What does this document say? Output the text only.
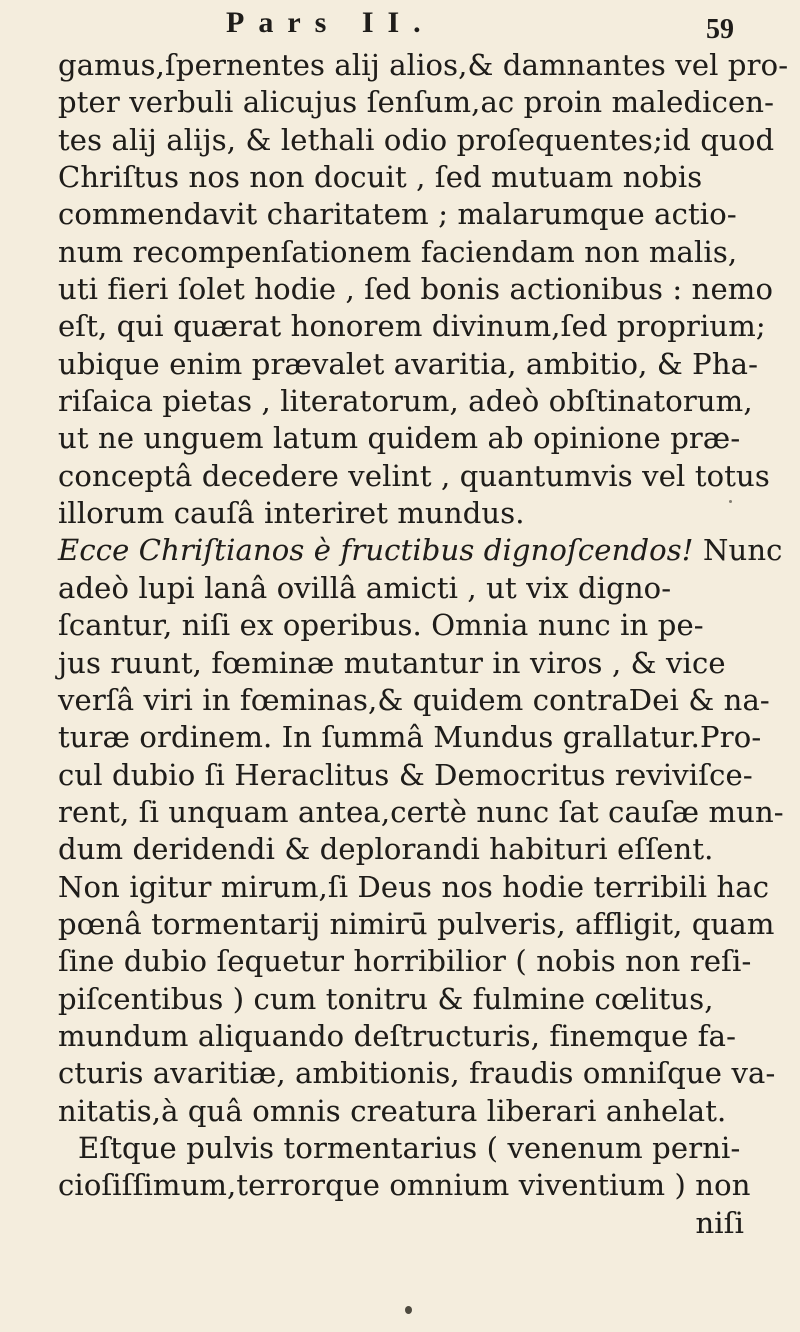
Pars II.	59
gamus,ſpernentes alij alios,& damnantes vel pro-
pter verbuli alicujus ſenſum,ac proin maledicen-
tes alij alijs, & lethali odio proſequentes;id quod
Chriſtus nos non docuit , ſed mutuam nobis
commendavit charitatem ; malarumque actio-
num recompenſationem faciendam non malis,
uti fieri ſolet hodie , ſed bonis actionibus : nemo
eſt, qui quærat honorem divinum,ſed proprium;
ubique enim prævalet avaritia, ambitio, & Pha-
riſaica pietas , literatorum, adeò obſtinatorum,
ut ne unguem latum quidem ab opinione præ-
conceptâ decedere velint , quantumvis vel totus
illorum cauſâ interiret mundus.
Ecce Chriſtianos è fructibus dignoſcendos! Nunc
adeò lupi lanâ ovillâ amicti , ut vix digno-
ſcantur, niſi ex operibus. Omnia nunc in pe-
jus ruunt, fœminæ mutantur in viros , & vice
verſâ viri in fœminas,& quidem contraDei & na-
turæ ordinem. In ſummâ Mundus grallatur.Pro-
cul dubio ſi Heraclitus & Democritus reviviſce-
rent, ſi unquam antea,certè nunc ſat cauſæ mun-
dum deridendi & deplorandi habituri eſſent.
Non igitur mirum,ſi Deus nos hodie terribili hac
pœnâ tormentarij nimirū pulveris, affligit, quam
ſine dubio ſequetur horribilior ( nobis non reſi-
piſcentibus ) cum tonitru & fulmine cœlitus,
mundum aliquando deſtructuris, finemque fa-
cturis avaritiæ, ambitionis, fraudis omniſque va-
nitatis,à quâ omnis creatura liberari anhelat.
Eſtque pulvis tormentarius ( venenum perni-
cioſiſſimum,terrorque omnium viventium ) non
niſi
